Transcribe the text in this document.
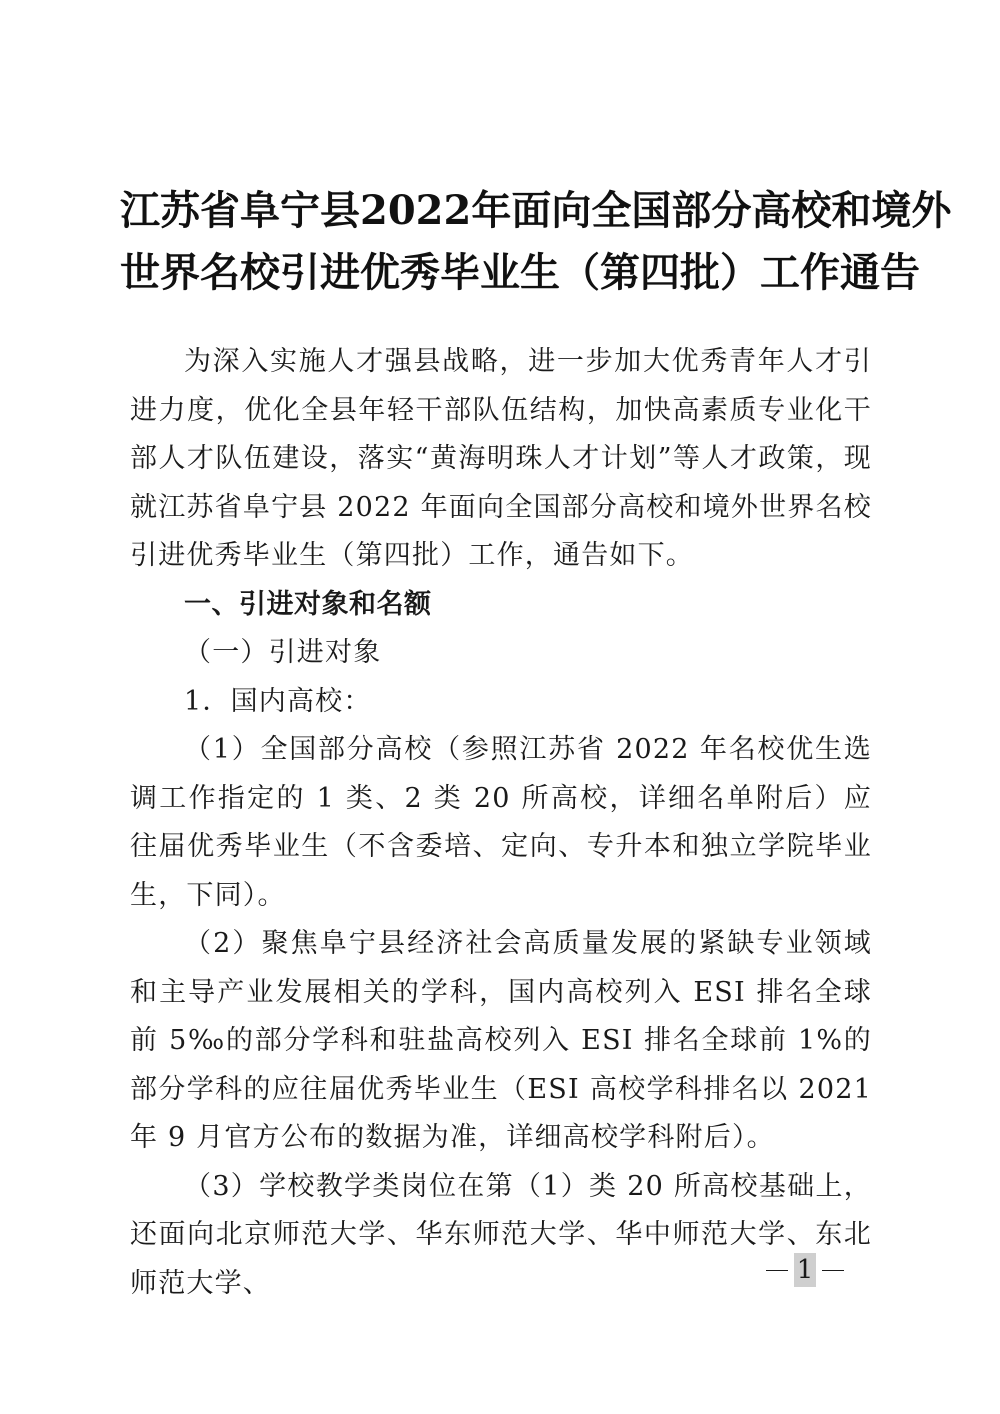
江苏省阜宁县2022年面向全国部分高校和境外
世界名校引进优秀毕业生（第四批）工作通告

为深入实施人才强县战略，进一步加大优秀青年人才引进力度，优化全县年轻干部队伍结构，加快高素质专业化干部人才队伍建设，落实“黄海明珠人才计划”等人才政策，现就江苏省阜宁县 2022 年面向全国部分高校和境外世界名校引进优秀毕业生（第四批）工作，通告如下。

一、引进对象和名额

（一）引进对象

1．国内高校：

（1）全国部分高校（参照江苏省 2022 年名校优生选调工作指定的 1 类、2 类 20 所高校，详细名单附后）应往届优秀毕业生（不含委培、定向、专升本和独立学院毕业生，下同）。

（2）聚焦阜宁县经济社会高质量发展的紧缺专业领域和主导产业发展相关的学科，国内高校列入 ESI 排名全球前 5‰的部分学科和驻盐高校列入 ESI 排名全球前 1%的部分学科的应往届优秀毕业生（ESI 高校学科排名以 2021 年 9 月官方公布的数据为准，详细高校学科附后）。

（3）学校教学类岗位在第（1）类 20 所高校基础上，还面向北京师范大学、华东师范大学、华中师范大学、东北师范大学、	1
